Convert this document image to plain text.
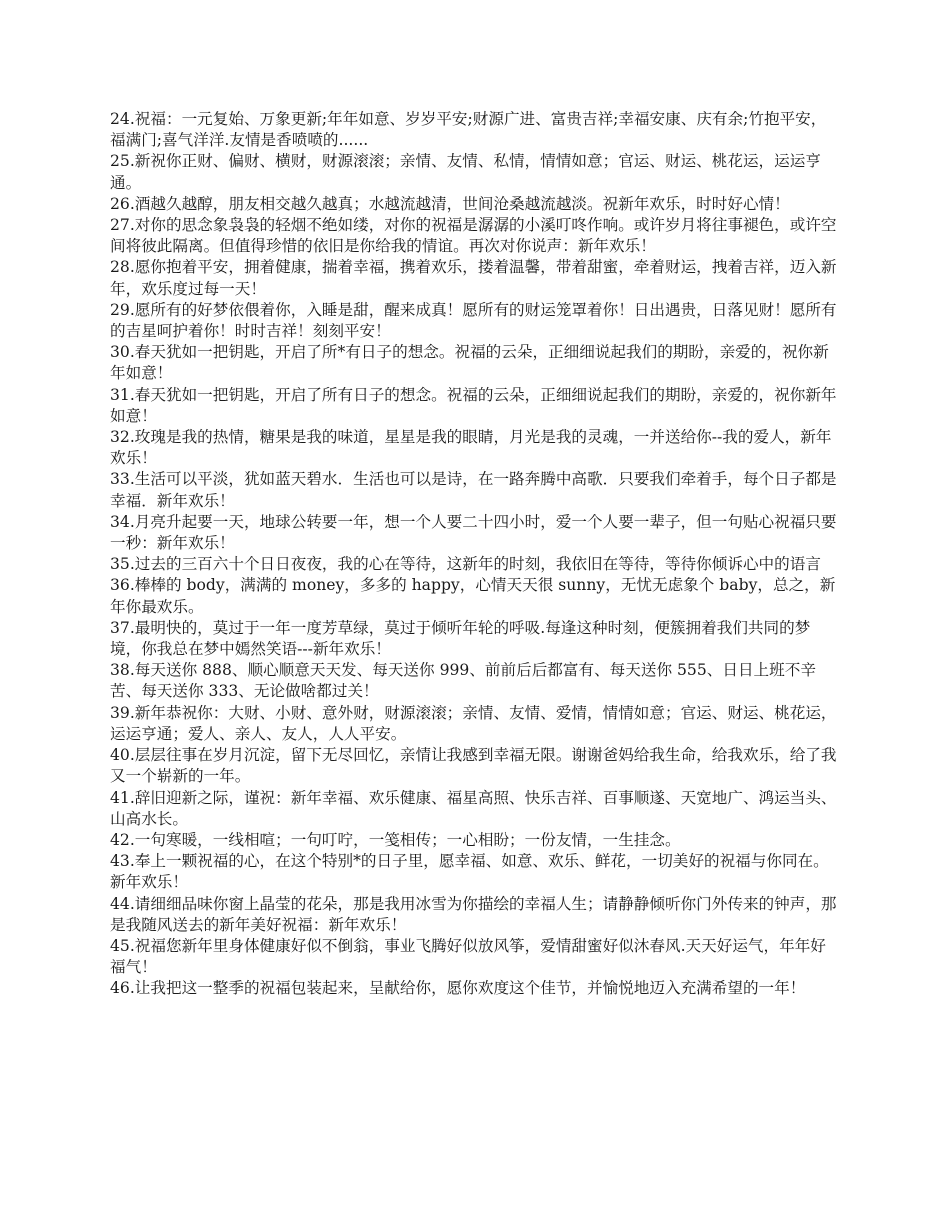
24.祝福：一元复始、万象更新;年年如意、岁岁平安;财源广进、富贵吉祥;幸福安康、庆有余;竹抱平安，福满门;喜气洋洋.友情是香喷喷的......

25.新祝你正财、偏财、横财，财源滚滚；亲情、友情、私情，情情如意；官运、财运、桃花运，运运亨通。

26.酒越久越醇，朋友相交越久越真；水越流越清，世间沧桑越流越淡。祝新年欢乐，时时好心情！

27.对你的思念象袅袅的轻烟不绝如缕，对你的祝福是潺潺的小溪叮咚作响。或许岁月将往事褪色，或许空间将彼此隔离。但值得珍惜的依旧是你给我的情谊。再次对你说声：新年欢乐！

28.愿你抱着平安，拥着健康，揣着幸福，携着欢乐，搂着温馨，带着甜蜜，牵着财运，拽着吉祥，迈入新年，欢乐度过每一天！

29.愿所有的好梦依偎着你，入睡是甜，醒来成真！愿所有的财运笼罩着你！日出遇贵，日落见财！愿所有的吉星呵护着你！时时吉祥！刻刻平安！

30.春天犹如一把钥匙，开启了所*有日子的想念。祝福的云朵，正细细说起我们的期盼，亲爱的，祝你新年如意！

31.春天犹如一把钥匙，开启了所有日子的想念。祝福的云朵，正细细说起我们的期盼，亲爱的，祝你新年如意！

32.玫瑰是我的热情，糖果是我的味道，星星是我的眼睛，月光是我的灵魂，一并送给你--我的爱人，新年欢乐！

33.生活可以平淡，犹如蓝天碧水．生活也可以是诗，在一路奔腾中高歌．只要我们牵着手，每个日子都是幸福．新年欢乐！

34.月亮升起要一天，地球公转要一年，想一个人要二十四小时，爱一个人要一辈子，但一句贴心祝福只要一秒：新年欢乐！

35.过去的三百六十个日日夜夜，我的心在等待，这新年的时刻，我依旧在等待，等待你倾诉心中的语言

36.棒棒的 body，满满的 money，多多的 happy，心情天天很 sunny，无忧无虑象个 baby，总之，新年你最欢乐。

37.最明快的，莫过于一年一度芳草绿，莫过于倾听年轮的呼吸.每逢这种时刻，便簇拥着我们共同的梦境，你我总在梦中嫣然笑语---新年欢乐！

38.每天送你 888、顺心顺意天天发、每天送你 999、前前后后都富有、每天送你 555、日日上班不辛苦、每天送你 333、无论做啥都过关！

39.新年恭祝你：大财、小财、意外财，财源滚滚；亲情、友情、爱情，情情如意；官运、财运、桃花运，运运亨通；爱人、亲人、友人，人人平安。

40.层层往事在岁月沉淀，留下无尽回忆，亲情让我感到幸福无限。谢谢爸妈给我生命，给我欢乐，给了我又一个崭新的一年。

41.辞旧迎新之际，谨祝：新年幸福、欢乐健康、福星高照、快乐吉祥、百事顺遂、天宽地广、鸿运当头、山高水长。

42.一句寒暖，一线相喧；一句叮咛，一笺相传；一心相盼；一份友情，一生挂念。

43.奉上一颗祝福的心，在这个特别*的日子里，愿幸福、如意、欢乐、鲜花，一切美好的祝福与你同在。新年欢乐！

44.请细细品味你窗上晶莹的花朵，那是我用冰雪为你描绘的幸福人生；请静静倾听你门外传来的钟声，那是我随风送去的新年美好祝福：新年欢乐！

45.祝福您新年里身体健康好似不倒翁，事业飞腾好似放风筝，爱情甜蜜好似沐春风.天天好运气，年年好福气！

46.让我把这一整季的祝福包装起来，呈献给你，愿你欢度这个佳节，并愉悦地迈入充满希望的一年！
